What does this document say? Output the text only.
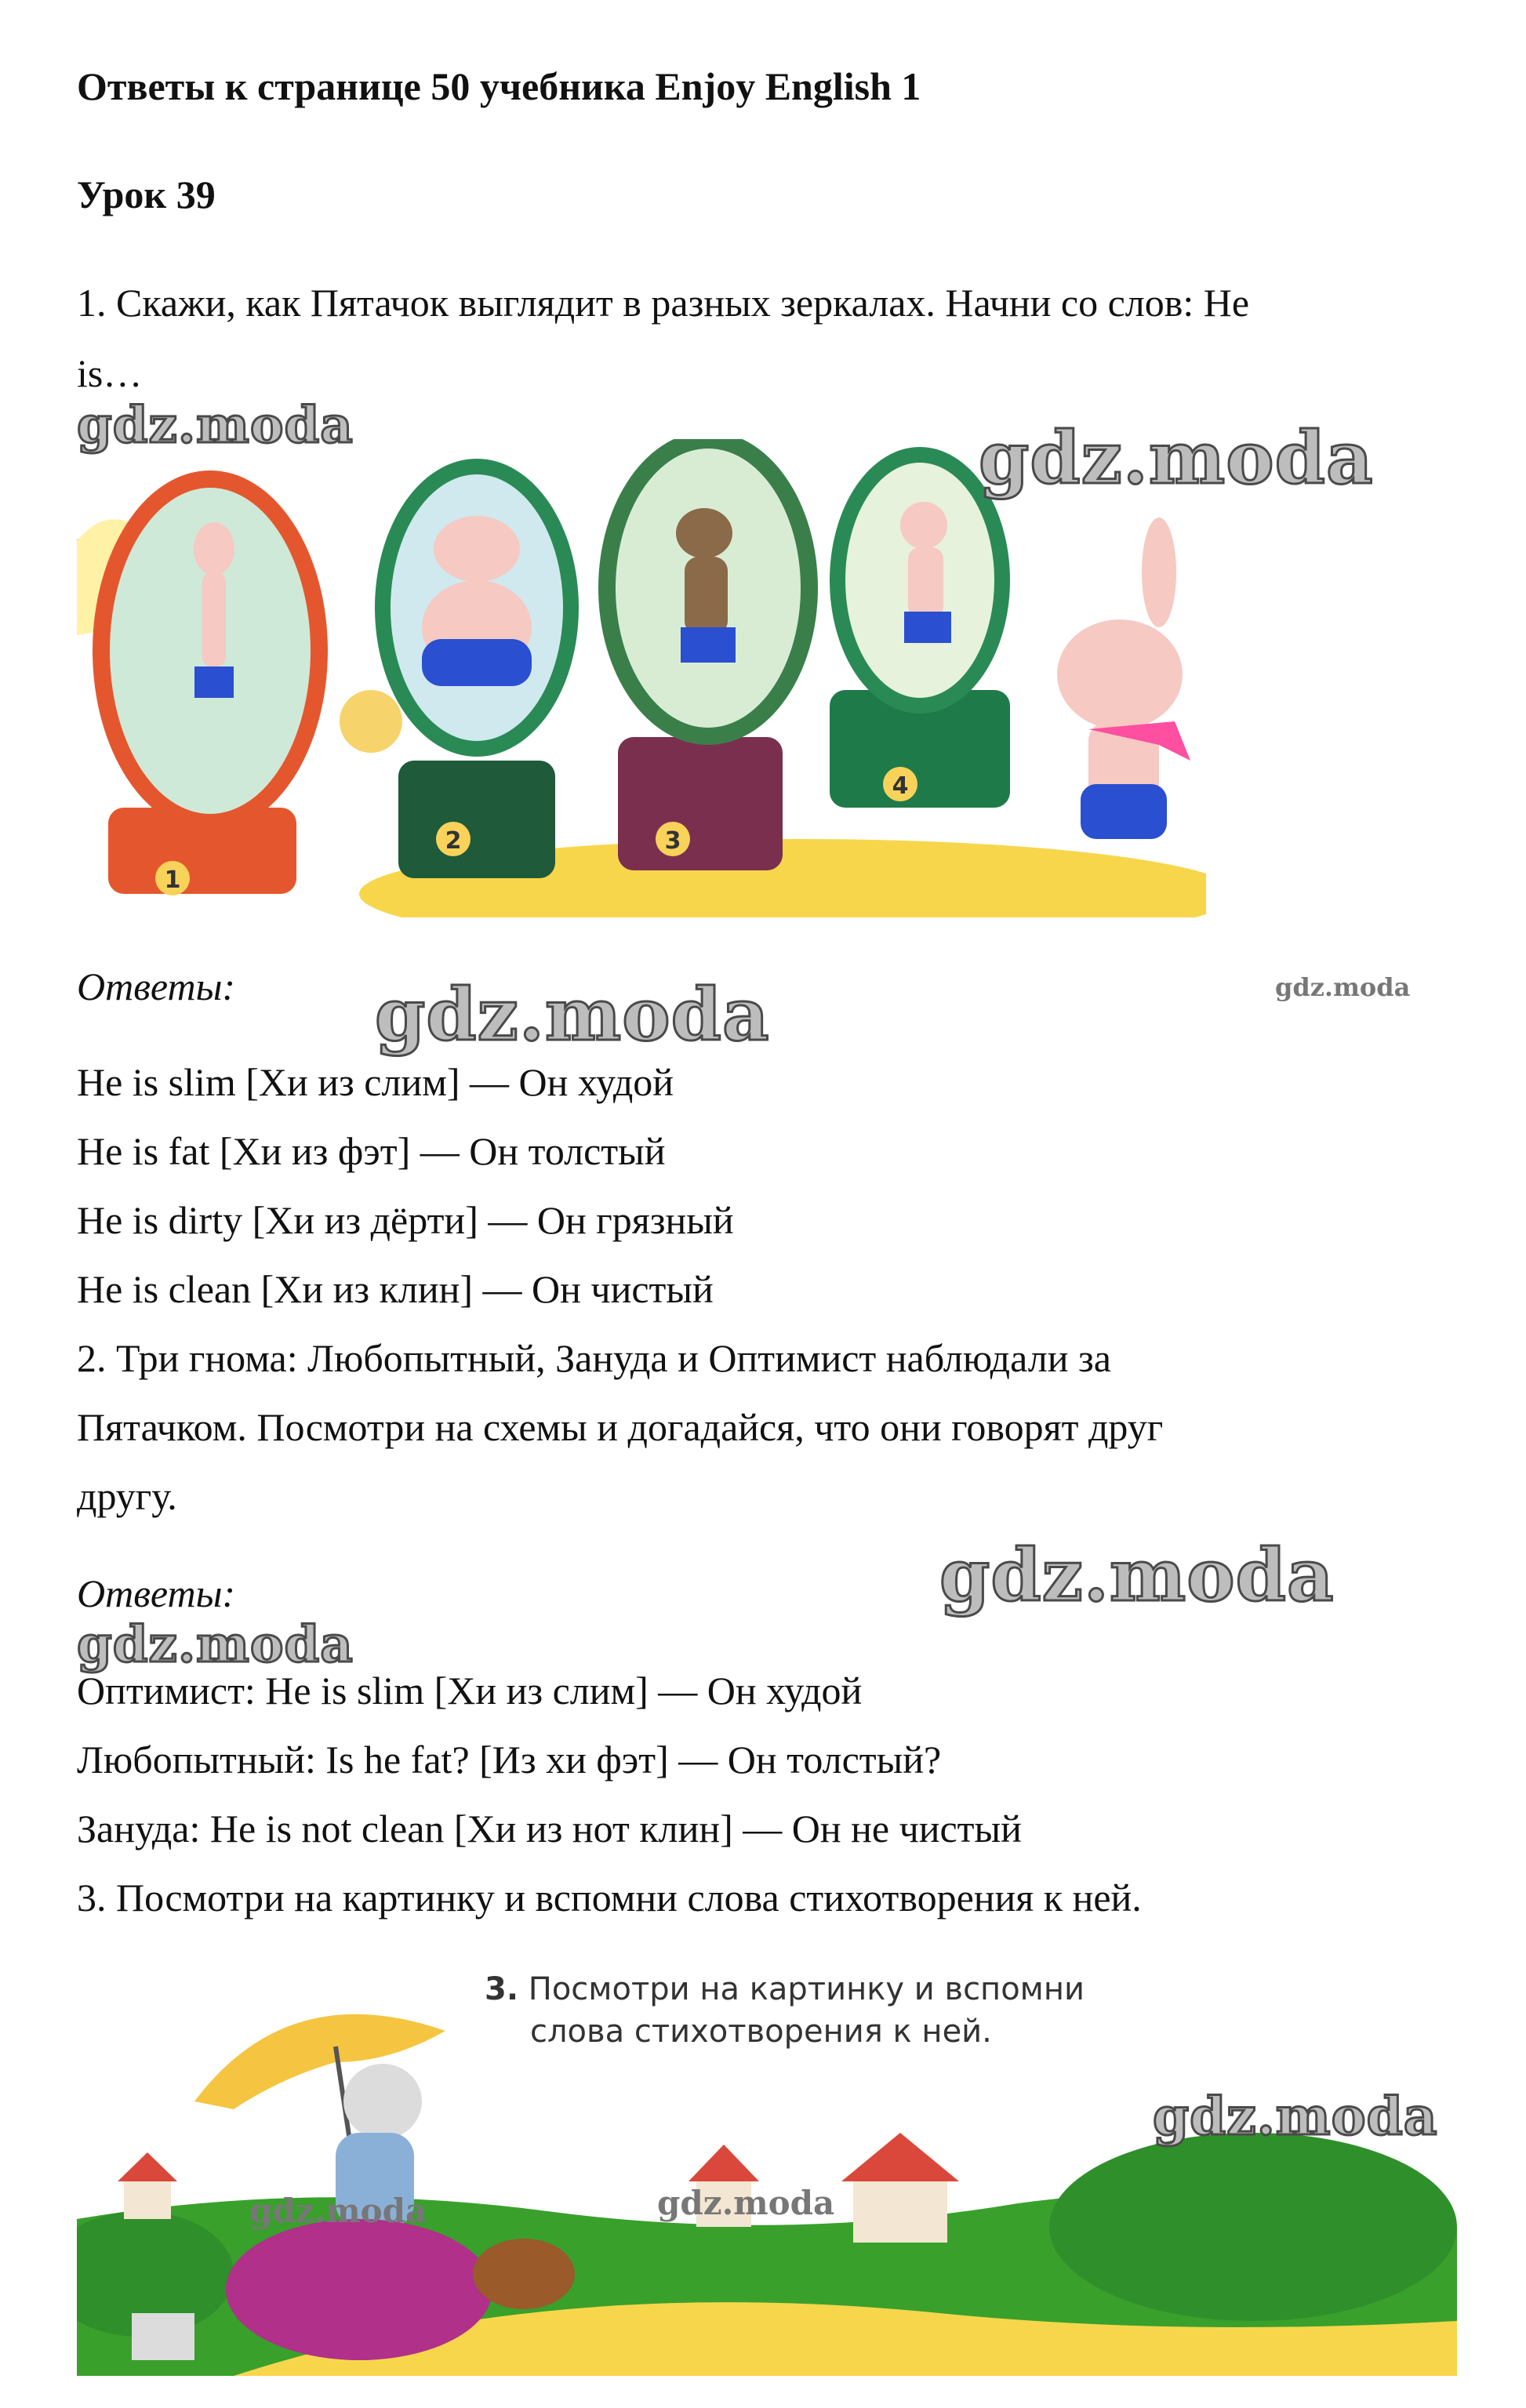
Ответы к странице 50 учебника Enjoy English 1
Урок 39
1. Скажи, как Пятачок выглядит в разных зеркалах. Начни со слов: He
is…
1
2	3
4
gdz.moda	gdz.moda
Ответы: gdz.moda	gdz.moda
He is slim [Хи из слим] — Он худой
He is fat [Хи из фэт] — Он толстый
He is dirty [Хи из дёрти] — Он грязный
He is clean [Хи из клин] — Он чистый
2. Три гнома: Любопытный, Зануда и Оптимист наблюдали за
Пятачком. Посмотри на схемы и догадайся, что они говорят друг
другу.
Ответы:	gdz.moda
gdz.moda
Оптимист: He is slim [Хи из слим] — Он худой
Любопытный: Is he fat? [Из хи фэт] — Он толстый?
Зануда: He is not clean [Хи из нот клин] — Он не чистый
3. Посмотри на картинку и вспомни слова стихотворения к ней.
3. Посмотри на картинку и вспомни
слова стихотворения к ней.
gdz.moda
gdz.moda	gdz.moda
